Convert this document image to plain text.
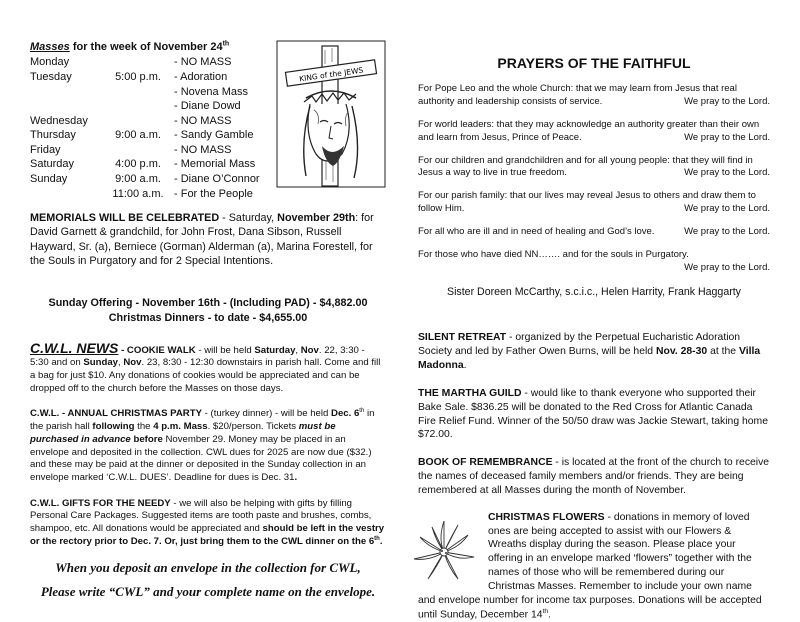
Masses for the week of November 24th
Monday	- NO MASS
Tuesday	5:00 p.m.	- Adoration
- Novena Mass
- Diane Dowd
Wednesday	- NO MASS
Thursday	9:00 a.m.	- Sandy Gamble
Friday	- NO MASS
Saturday	4:00 p.m.	- Memorial Mass
Sunday	9:00 a.m.	- Diane O’Connor
11:00 a.m. - For the People
MEMORIALS WILL BE CELEBRATED - Saturday, November 29th: for David Garnett & grandchild, for John Frost, Dana Sibson, Russell Hayward, Sr. (a), Berniece (Gorman) Alderman (a), Marina Forestell, for the Souls in Purgatory and for 2 Special Intentions.
Sunday Offering - November 16th - (Including PAD) - $4,882.00
Christmas Dinners - to date - $4,655.00
C.W.L. NEWS - COOKIE WALK - will be held Saturday, Nov. 22, 3:30 - 5:30 and on Sunday, Nov. 23, 8:30 - 12:30 downstairs in parish hall. Come and fill a bag for just $10. Any donations of cookies would be appreciated and can be dropped off to the church before the Masses on those days.
C.W.L. - ANNUAL CHRISTMAS PARTY - (turkey dinner) - will be held Dec. 6th in the parish hall following the 4 p.m. Mass. $20/person. Tickets must be purchased in advance before November 29. Money may be placed in an envelope and deposited in the collection. CWL dues for 2025 are now due ($32.) and these may be paid at the dinner or deposited in the Sunday collection in an envelope marked ‘C.W.L. DUES’. Deadline for dues is Dec. 31.
C.W.L. GIFTS FOR THE NEEDY - we will also be helping with gifts by filling Personal Care Packages. Suggested items are tooth paste and brushes, combs, shampoo, etc. All donations would be appreciated and should be left in the vestry or the rectory prior to Dec. 7. Or, just bring them to the CWL dinner on the 6th.
When you deposit an envelope in the collection for CWL,
Please write “CWL” and your complete name on the envelope.
KING of the JEWS
PRAYERS OF THE FAITHFUL
For Pope Leo and the whole Church: that we may learn from Jesus that real authority and leadership consists of service.	We pray to the Lord.
For world leaders: that they may acknowledge an authority greater than their own and learn from Jesus, Prince of Peace.	We pray to the Lord.
For our children and grandchildren and for all young people: that they will find in Jesus a way to live in true freedom.	We pray to the Lord.
For our parish family: that our lives may reveal Jesus to others and draw them to follow Him.	We pray to the Lord.
For all who are ill and in need of healing and God’s love.	We pray to the Lord.
For those who have died NN……. and for the souls in Purgatory.
We pray to the Lord.
Sister Doreen McCarthy, s.c.i.c., Helen Harrity, Frank Haggarty
SILENT RETREAT - organized by the Perpetual Eucharistic Adoration Society and led by Father Owen Burns, will be held Nov. 28-30 at the Villa Madonna.
THE MARTHA GUILD - would like to thank everyone who supported their Bake Sale. $836.25 will be donated to the Red Cross for Atlantic Canada Fire Relief Fund. Winner of the 50/50 draw was Jackie Stewart, taking home $72.00.
BOOK OF REMEMBRANCE - is located at the front of the church to receive the names of deceased family members and/or friends. They are being remembered at all Masses during the month of November.
CHRISTMAS FLOWERS - donations in memory of loved ones are being accepted to assist with our Flowers & Wreaths display during the season. Please place your offering in an envelope marked ‘flowers” together with the names of those who will be remembered during our Christmas Masses. Remember to include your own name and envelope number for income tax purposes. Donations will be accepted until Sunday, December 14th.
